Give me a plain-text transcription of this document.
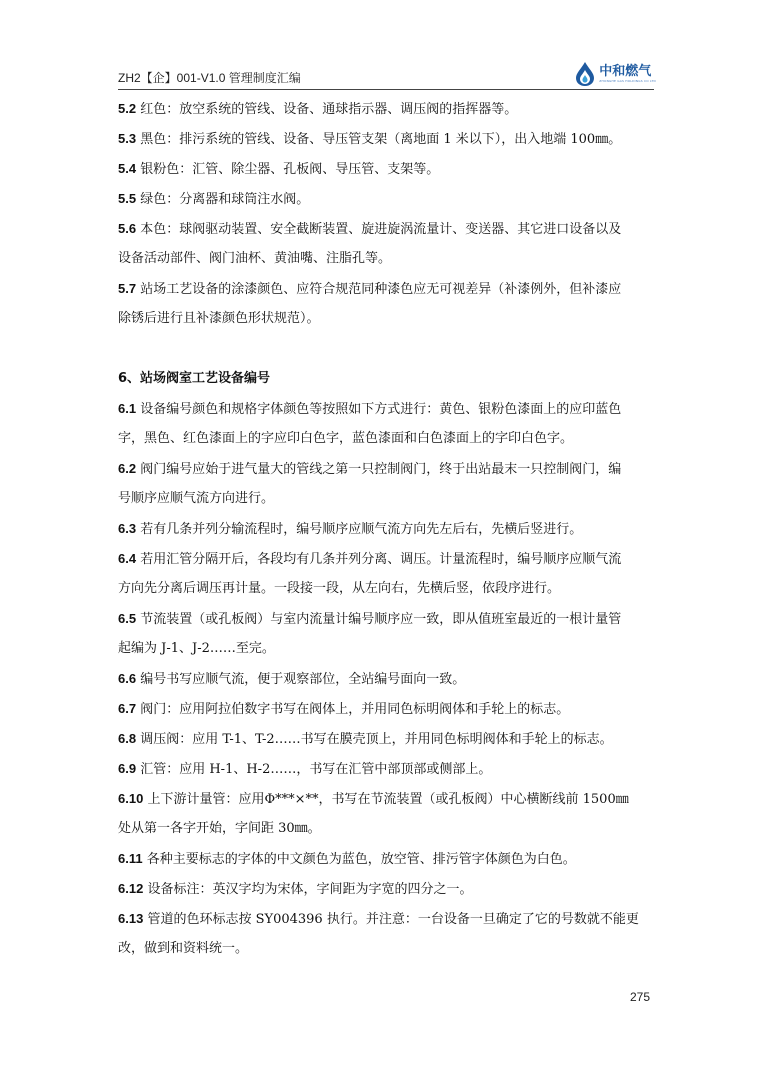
ZH2【企】001-V1.0 管理制度汇编	中和燃气
ZHONGHE GAS HOLDINGS CO LTD
5.2 红色：放空系统的管线、设备、通球指示器、调压阀的指挥器等。
5.3 黑色：排污系统的管线、设备、导压管支架（离地面 1 米以下），出入地端 100㎜。
5.4 银粉色：汇管、除尘器、孔板阀、导压管、支架等。
5.5 绿色：分离器和球筒注水阀。
5.6 本色：球阀驱动装置、安全截断装置、旋进旋涡流量计、变送器、其它进口设备以及
设备活动部件、阀门油杯、黄油嘴、注脂孔等。
5.7 站场工艺设备的涂漆颜色、应符合规范同种漆色应无可视差异（补漆例外，但补漆应
除锈后进行且补漆颜色形状规范）。
6、站场阀室工艺设备编号
6.1 设备编号颜色和规格字体颜色等按照如下方式进行：黄色、银粉色漆面上的应印蓝色
字，黑色、红色漆面上的字应印白色字，蓝色漆面和白色漆面上的字印白色字。
6.2 阀门编号应始于进气量大的管线之第一只控制阀门，终于出站最末一只控制阀门，编
号顺序应顺气流方向进行。
6.3 若有几条并列分输流程时，编号顺序应顺气流方向先左后右，先横后竖进行。
6.4 若用汇管分隔开后，各段均有几条并列分离、调压。计量流程时，编号顺序应顺气流
方向先分离后调压再计量。一段接一段，从左向右，先横后竖，依段序进行。
6.5 节流装置（或孔板阀）与室内流量计编号顺序应一致，即从值班室最近的一根计量管
起编为 J-1、J-2……至完。
6.6 编号书写应顺气流，便于观察部位，全站编号面向一致。
6.7 阀门：应用阿拉伯数字书写在阀体上，并用同色标明阀体和手轮上的标志。
6.8 调压阀：应用 T-1、T-2……书写在膜壳顶上，并用同色标明阀体和手轮上的标志。
6.9 汇管：应用 H-1、H-2……，书写在汇管中部顶部或侧部上。
6.10 上下游计量管：应用Φ***×**，书写在节流装置（或孔板阀）中心横断线前 1500㎜
处从第一各字开始，字间距 30㎜。
6.11 各种主要标志的字体的中文颜色为蓝色，放空管、排污管字体颜色为白色。
6.12 设备标注：英汉字均为宋体，字间距为字宽的四分之一。
6.13 管道的色环标志按 SY004396 执行。并注意：一台设备一旦确定了它的号数就不能更
改，做到和资料统一。
275
